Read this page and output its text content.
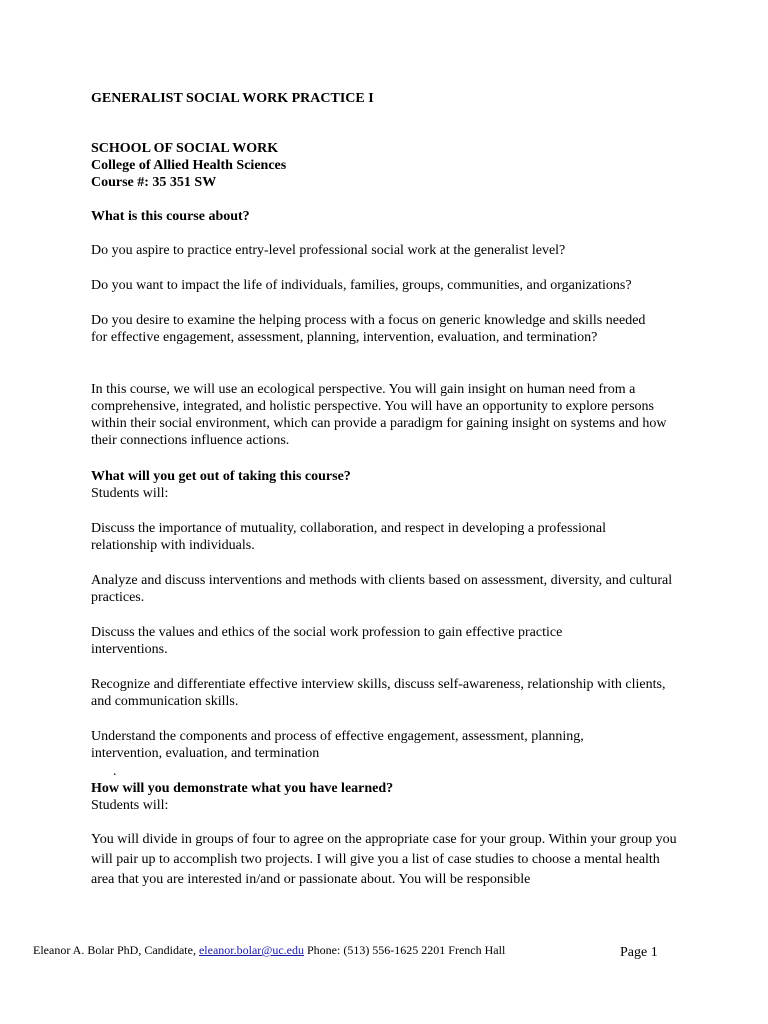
GENERALIST SOCIAL WORK PRACTICE I

SCHOOL OF SOCIAL WORK

College of Allied Health Sciences

Course #: 35 351 SW

What is this course about?

Do you aspire to practice entry-level professional social work at the generalist level?

Do you want to impact the life of individuals, families, groups, communities, and organizations?

Do you desire to examine the helping process with a focus on generic knowledge and skills needed for effective engagement, assessment, planning, intervention, evaluation, and termination?

In this course, we will use an ecological perspective. You will gain insight on human need from a comprehensive, integrated, and holistic perspective. You will have an opportunity to explore persons within their social environment, which can provide a paradigm for gaining insight on systems and how their connections influence actions.

What will you get out of taking this course?

Students will:

Discuss the importance of mutuality, collaboration, and respect in developing a professional relationship with individuals.

Analyze and discuss interventions and methods with clients based on assessment, diversity, and cultural practices.

Discuss the values and ethics of the social work profession to gain effective practice interventions.

Recognize and differentiate effective interview skills, discuss self-awareness, relationship with clients, and communication skills.

Understand the components and process of effective engagement, assessment, planning, intervention, evaluation, and termination

.

How will you demonstrate what you have learned?

Students will:

You will divide in groups of four to agree on the appropriate case for your group. Within your group you will pair up to accomplish two projects. I will give you a list of case studies to choose a mental health area that you are interested in/and or passionate about. You will be responsible

Eleanor A. Bolar PhD, Candidate, eleanor.bolar@uc.edu Phone: (513) 556-1625 2201 French Hall	Page 1
